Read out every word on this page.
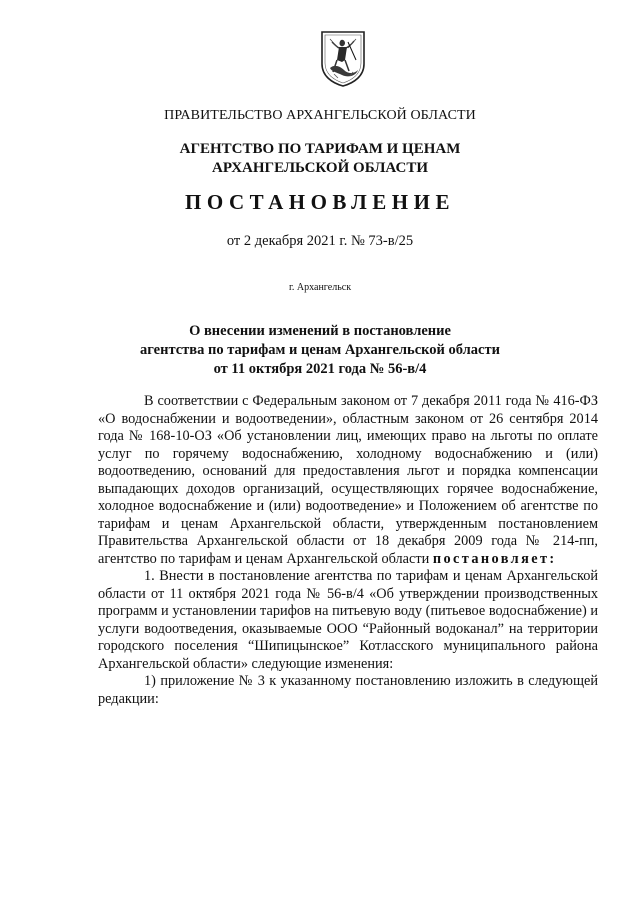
ПРАВИТЕЛЬСТВО АРХАНГЕЛЬСКОЙ ОБЛАСТИ
АГЕНТСТВО ПО ТАРИФАМ И ЦЕНАМ
АРХАНГЕЛЬСКОЙ ОБЛАСТИ
ПОСТАНОВЛЕНИЕ
от 2 декабря 2021 г. № 73-в/25
г. Архангельск
О внесении изменений в постановление
агентства по тарифам и ценам Архангельской области
от 11 октября 2021 года № 56-в/4

В соответствии с Федеральным законом от 7 декабря 2011 года № 416-ФЗ «О водоснабжении и водоотведении», областным законом от 26 сентября 2014 года № 168-10-ОЗ «Об установлении лиц, имеющих право на льготы по оплате услуг по горячему водоснабжению, холодному водоснабжению и (или) водоотведению, оснований для предоставления льгот и порядка компенсации выпадающих доходов организаций, осуществляющих горячее водоснабжение, холодное водоснабжение и (или) водоотведение» и Положением об агентстве по тарифам и ценам Архангельской области, утвержденным постановлением Правительства Архангельской области от 18 декабря 2009 года № 214-пп, агентство по тарифам и ценам Архангельской области постановляет:

1. Внести в постановление агентства по тарифам и ценам Архангельской области от 11 октября 2021 года № 56-в/4 «Об утверждении производственных программ и установлении тарифов на питьевую воду (питьевое водоснабжение) и услуги водоотведения, оказываемые ООО “Районный водоканал” на территории городского поселения “Шипицынское” Котласского муниципального района Архангельской области» следующие изменения:

1) приложение № 3 к указанному постановлению изложить в следующей редакции:
